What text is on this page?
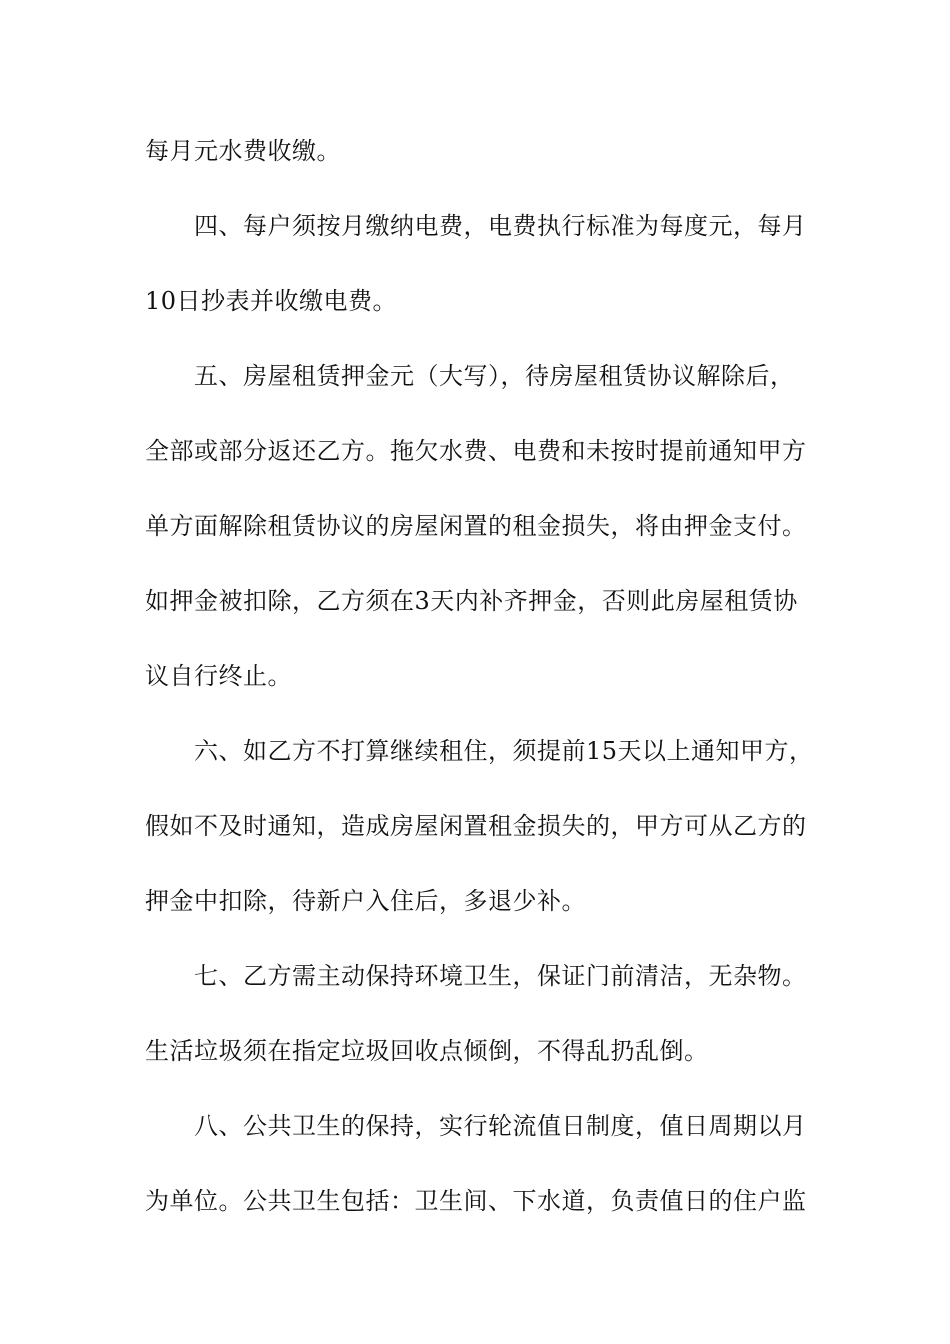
每月元水费收缴。
四、每户须按月缴纳电费，电费执行标准为每度元，每月
10日抄表并收缴电费。
五、房屋租赁押金元（大写），待房屋租赁协议解除后，
全部或部分返还乙方。拖欠水费、电费和未按时提前通知甲方
单方面解除租赁协议的房屋闲置的租金损失，将由押金支付。
如押金被扣除，乙方须在3天内补齐押金，否则此房屋租赁协
议自行终止。
六、如乙方不打算继续租住，须提前15天以上通知甲方，
假如不及时通知，造成房屋闲置租金损失的，甲方可从乙方的
押金中扣除，待新户入住后，多退少补。
七、乙方需主动保持环境卫生，保证门前清洁，无杂物。
生活垃圾须在指定垃圾回收点倾倒，不得乱扔乱倒。
八、公共卫生的保持，实行轮流值日制度，值日周期以月
为单位。公共卫生包括：卫生间、下水道，负责值日的住户监
